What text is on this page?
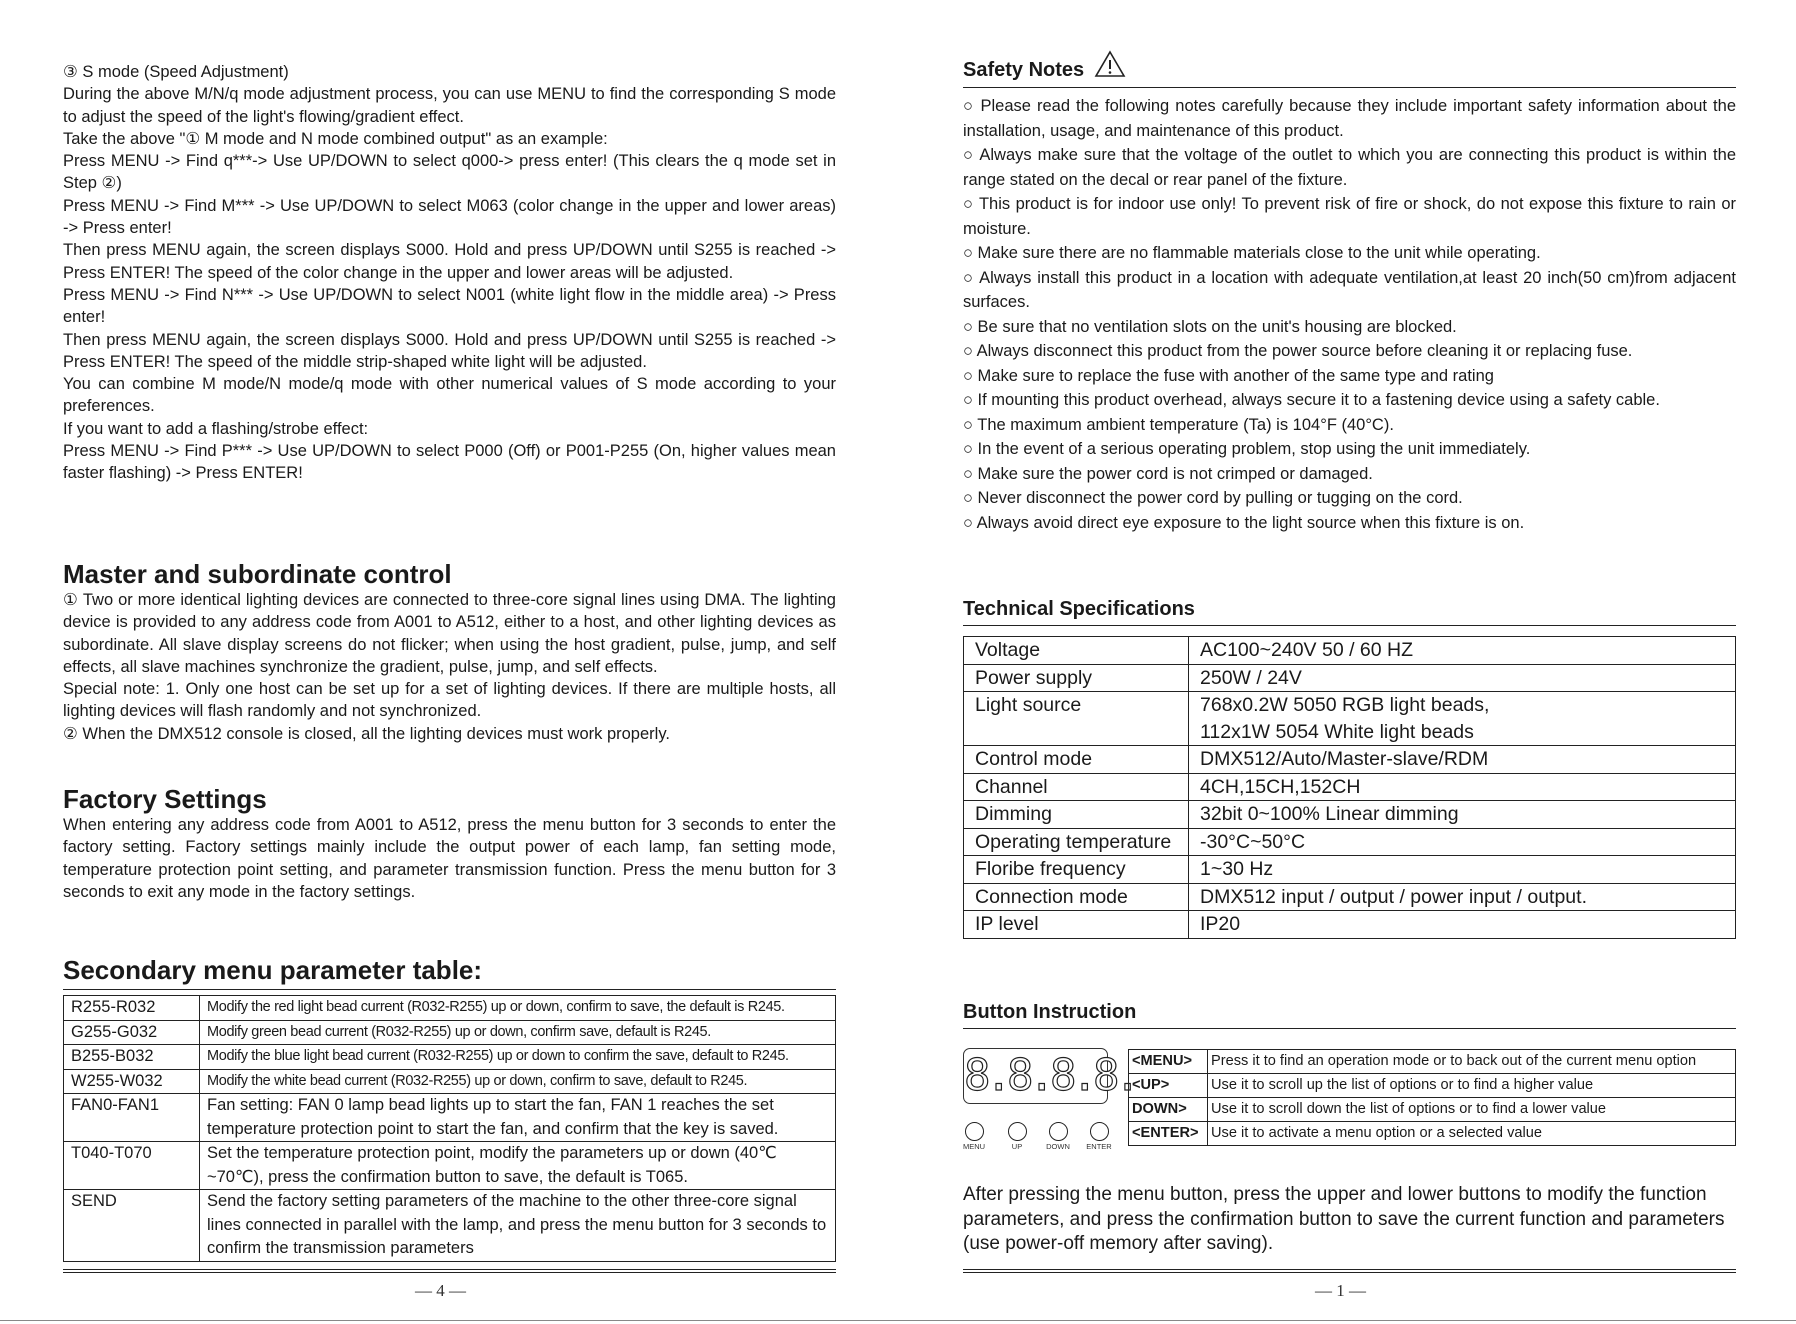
③ S mode (Speed Adjustment)

During the above M/N/q mode adjustment process, you can use MENU to find the corresponding S mode to adjust the speed of the light's flowing/gradient effect.

Take the above "① M mode and N mode combined output" as an example:

Press MENU -> Find q***-> Use UP/DOWN to select q000-> press enter! (This clears the q mode set in Step ②)

Press MENU -> Find M*** -> Use UP/DOWN to select M063 (color change in the upper and lower areas) -> Press enter!

Then press MENU again, the screen displays S000. Hold and press UP/DOWN until S255 is reached -> Press ENTER! The speed of the color change in the upper and lower areas will be adjusted.

Press MENU -> Find N*** -> Use UP/DOWN to select N001 (white light flow in the middle area) -> Press enter!

Then press MENU again, the screen displays S000. Hold and press UP/DOWN until S255 is reached -> Press ENTER! The speed of the middle strip-shaped white light will be adjusted.

You can combine M mode/N mode/q mode with other numerical values of S mode according to your preferences.

If you want to add a flashing/strobe effect:

Press MENU -> Find P*** -> Use UP/DOWN to select P000 (Off) or P001-P255 (On, higher values mean faster flashing) -> Press ENTER!

Master and subordinate control

① Two or more identical lighting devices are connected to three-core signal lines using DMA. The lighting device is provided to any address code from A001 to A512, either to a host, and other lighting devices as subordinate. All slave display screens do not flicker; when using the host gradient, pulse, jump, and self effects, all slave machines synchronize the gradient, pulse, jump, and self effects.

Special note: 1. Only one host can be set up for a set of lighting devices. If there are multiple hosts, all lighting devices will flash randomly and not synchronized.

② When the DMX512 console is closed, all the lighting devices must work properly.

Factory Settings

When entering any address code from A001 to A512, press the menu button for 3 seconds to enter the factory setting. Factory settings mainly include the output power of each lamp, fan setting mode, temperature protection point setting, and parameter transmission function. Press the menu button for 3 seconds to exit any mode in the factory settings.

Secondary menu parameter table:
R255-R032	Modify the red light bead current (R032-R255) up or down, confirm to save, the default is R245.
G255-G032	Modify green bead current (R032-R255) up or down, confirm save, default is R245.
B255-B032	Modify the blue light bead current (R032-R255) up or down to confirm the save, default to R245.
W255-W032	Modify the white bead current (R032-R255) up or down, confirm to save, default to R245.
FAN0-FAN1	Fan setting: FAN 0 lamp bead lights up to start the fan, FAN 1 reaches the set temperature protection point to start the fan, and confirm that the key is saved.
T040-T070	Set the temperature protection point, modify the parameters up or down (40℃ ~70℃), press the confirmation button to save, the default is T065.
SEND	Send the factory setting parameters of the machine to the other three-core signal lines connected in parallel with the lamp, and press the menu button for 3 seconds to confirm the transmission parameters
— 4 —
Safety Notes

○ Please read the following notes carefully because they include important safety information about the installation, usage, and maintenance of this product.

○ Always make sure that the voltage of the outlet to which you are connecting this product is within the range stated on the decal or rear panel of the fixture.

○ This product is for indoor use only! To prevent risk of fire or shock, do not expose this fixture to rain or moisture.

○ Make sure there are no flammable materials close to the unit while operating.

○ Always install this product in a location with adequate ventilation,at least 20 inch(50 cm)from adjacent surfaces.

○ Be sure that no ventilation slots on the unit's housing are blocked.

○ Always disconnect this product from the power source before cleaning it or replacing fuse.

○ Make sure to replace the fuse with another of the same type and rating

○ If mounting this product overhead, always secure it to a fastening device using a safety cable.

○ The maximum ambient temperature (Ta) is 104°F (40°C).

○ In the event of a serious operating problem, stop using the unit immediately.

○ Make sure the power cord is not crimped or damaged.

○ Never disconnect the power cord by pulling or tugging on the cord.

○ Always avoid direct eye exposure to the light source when this fixture is on.

Technical Specifications
Voltage	AC100~240V 50 / 60 HZ
Power supply	250W / 24V
Light source	768x0.2W 5050 RGB light beads,
112x1W 5054 White light beads
Control mode	DMX512/Auto/Master-slave/RDM
Channel	4CH,15CH,152CH
Dimming	32bit 0~100% Linear dimming
Operating temperature	-30°C~50°C
Floribe frequency	1~30 Hz
Connection mode	DMX512 input / output / power input / output.
IP level	IP20
Button Instruction
8.8.8.8.
MENU	UP	DOWN	ENTER
<MENU>	Press it to find an operation mode or to back out of the current menu option
<UP>	Use it to scroll up the list of options or to find a higher value
DOWN>	Use it to scroll down the list of options or to find a lower value
<ENTER>	Use it to activate a menu option or a selected value

After pressing the menu button, press the upper and lower buttons to modify the function parameters, and press the confirmation button to save the current function and parameters (use power-off memory after saving).

— 1 —
